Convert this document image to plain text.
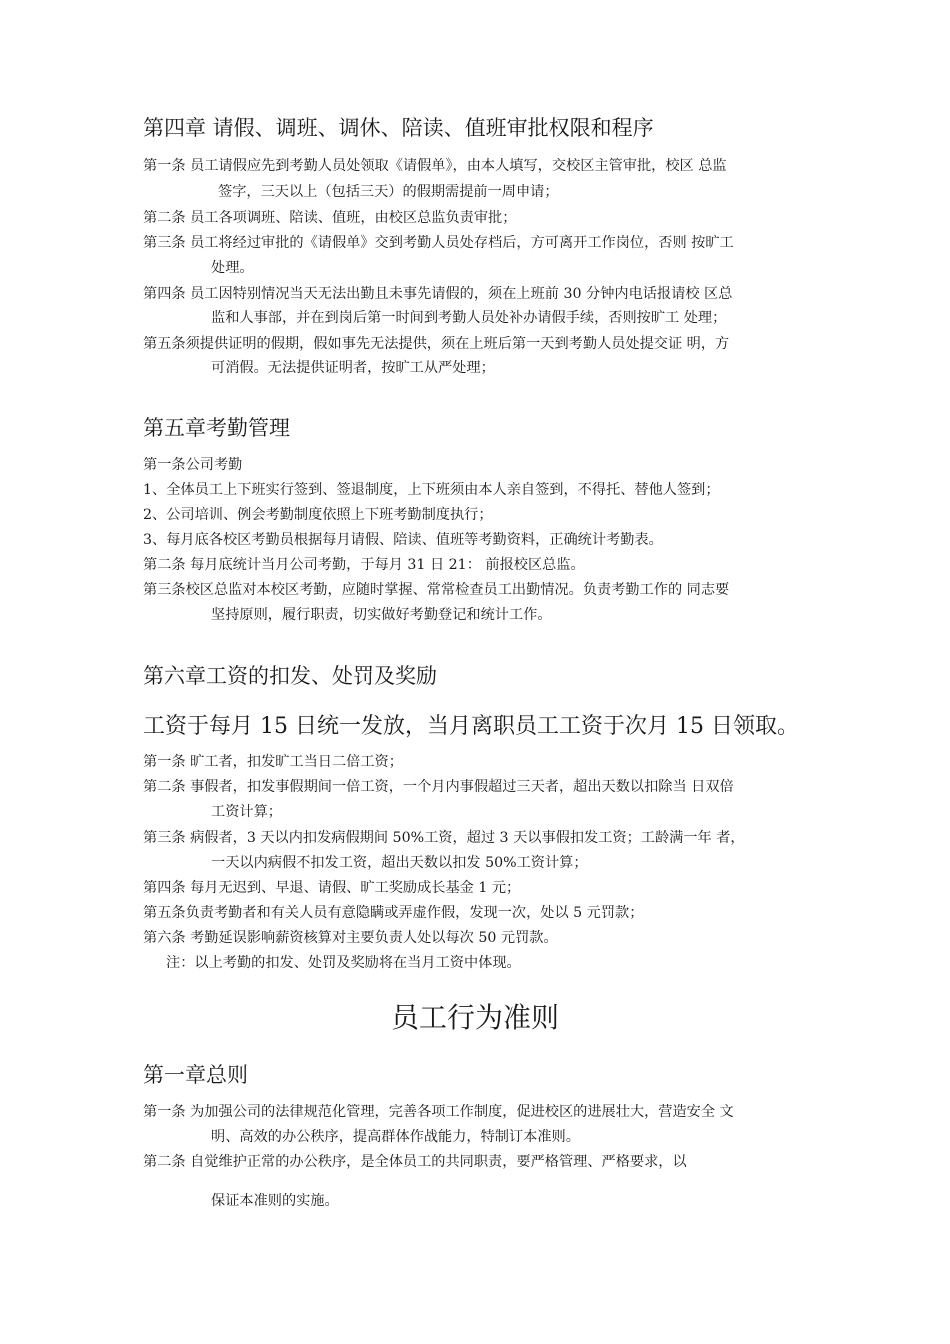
第四章 请假、调班、调休、陪读、值班审批权限和程序
第一条 员工请假应先到考勤人员处领取《请假单》，由本人填写，交校区主管审批，校区 总监
签字，三天以上（包括三天）的假期需提前一周申请；
第二条 员工各项调班、陪读、值班，由校区总监负责审批；
第三条 员工将经过审批的《请假单》交到考勤人员处存档后，方可离开工作岗位，否则 按旷工
处理。
第四条 员工因特别情况当天无法出勤且未事先请假的，须在上班前 30 分钟内电话报请校 区总
监和人事部，并在到岗后第一时间到考勤人员处补办请假手续，否则按旷工 处理；
第五条须提供证明的假期，假如事先无法提供，须在上班后第一天到考勤人员处提交证 明，方
可消假。无法提供证明者，按旷工从严处理；
第五章考勤管理
第一条公司考勤
1、全体员工上下班实行签到、签退制度，上下班须由本人亲自签到，不得托、替他人签到；
2、公司培训、例会考勤制度依照上下班考勤制度执行；
3、每月底各校区考勤员根据每月请假、陪读、值班等考勤资料，正确统计考勤表。
第二条 每月底统计当月公司考勤，于每月 31 日 21： 前报校区总监。
第三条校区总监对本校区考勤，应随时掌握、常常检查员工出勤情况。负责考勤工作的 同志要
坚持原则，履行职责，切实做好考勤登记和统计工作。
第六章工资的扣发、处罚及奖励
工资于每月 15 日统一发放，当月离职员工工资于次月 15 日领取。
第一条 旷工者，扣发旷工当日二倍工资；
第二条 事假者，扣发事假期间一倍工资，一个月内事假超过三天者，超出天数以扣除当 日双倍
工资计算；
第三条 病假者，3 天以内扣发病假期间 50%工资，超过 3 天以事假扣发工资；工龄满一年 者，
一天以内病假不扣发工资，超出天数以扣发 50%工资计算；
第四条 每月无迟到、早退、请假、旷工奖励成长基金 1 元；
第五条负责考勤者和有关人员有意隐瞒或弄虚作假，发现一次，处以 5 元罚款；
第六条 考勤延误影响薪资核算对主要负责人处以每次 50 元罚款。
注：以上考勤的扣发、处罚及奖励将在当月工资中体现。
员工行为准则
第一章总则
第一条 为加强公司的法律规范化管理，完善各项工作制度，促进校区的进展壮大，营造安全 文
明、高效的办公秩序，提高群体作战能力，特制订本准则。
第二条 自觉维护正常的办公秩序，是全体员工的共同职责，要严格管理、严格要求，以
保证本准则的实施。
